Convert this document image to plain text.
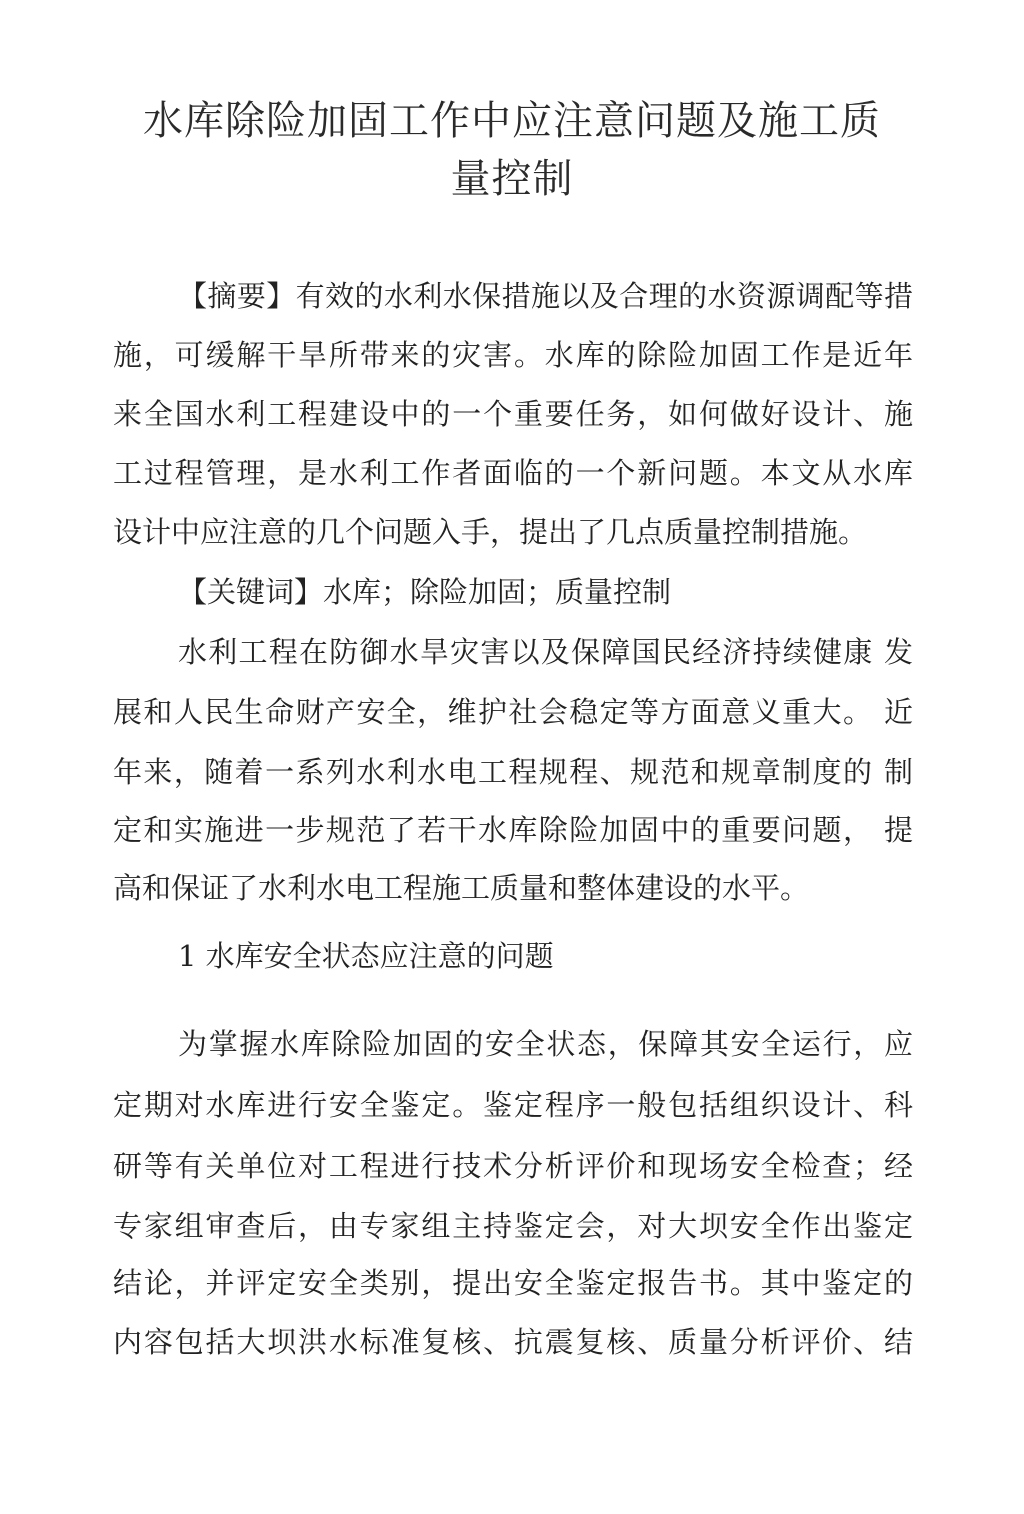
水库除险加固工作中应注意问题及施工质
量控制
【摘要】有效的水利水保措施以及合理的水资源调配等措
施，可缓解干旱所带来的灾害。水库的除险加固工作是近年
来全国水利工程建设中的一个重要任务，如何做好设计、施
工过程管理，是水利工作者面临的一个新问题。本文从水库
设计中应注意的几个问题入手，提出了几点质量控制措施。
【关键词】水库；除险加固；质量控制
水利工程在防御水旱灾害以及保障国民经济持续健康 发
展和人民生命财产安全，维护社会稳定等方面意义重大。 近
年来，随着一系列水利水电工程规程、规范和规章制度的 制
定和实施进一步规范了若干水库除险加固中的重要问题， 提
高和保证了水利水电工程施工质量和整体建设的水平。
1 水库安全状态应注意的问题
为掌握水库除险加固的安全状态，保障其安全运行，应
定期对水库进行安全鉴定。鉴定程序一般包括组织设计、科
研等有关单位对工程进行技术分析评价和现场安全检查；经
专家组审查后，由专家组主持鉴定会，对大坝安全作出鉴定
结论，并评定安全类别，提出安全鉴定报告书。其中鉴定的
内容包括大坝洪水标准复核、抗震复核、质量分析评价、结
